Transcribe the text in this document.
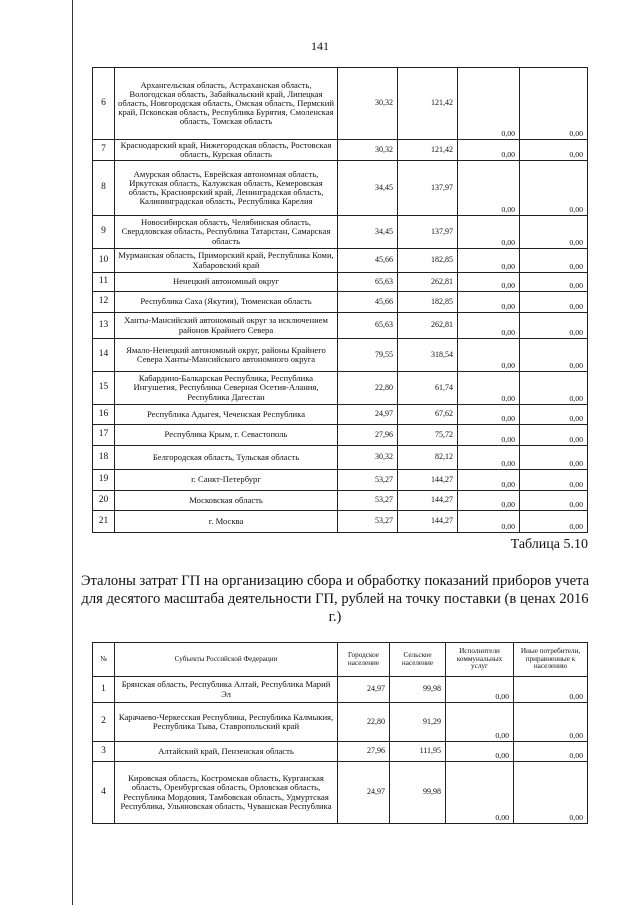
141
6	Архангельская область, Астраханская область, Вологодская область, Забайкальский край, Липецкая область, Новгородская область, Омская область, Пермский край, Псковская область, Республика Бурятия, Смоленская область, Томская область	30,32	121,42	0,00	0,00
7	Краснодарский край, Нижегородская область, Ростовская область, Курская область	30,32	121,42	0,00	0,00
8	Амурская область, Еврейская автономная область, Иркутская область, Калужская область, Кемеровская область, Красноярский край, Ленинградская область, Калининградская область, Республика Карелия	34,45	137,97	0,00	0,00
9	Новосибирская область, Челябинская область, Свердловская область, Республика Татарстан, Самарская область	34,45	137,97	0,00	0,00
10	Мурманская область, Приморский край, Республика Коми, Хабаровский край	45,66	182,85	0,00	0,00
11	Ненецкий автономный округ	65,63	262,81	0,00	0,00
12	Республика Саха (Якутия), Тюменская область	45,66	182,85	0,00	0,00
13	Ханты-Мансийский автономный округ за исключением районов Крайнего Севера	65,63	262,81	0,00	0,00
14	Ямало-Ненецкий автономный округ, районы Крайнего Севера Ханты-Мансийского автономного округа	79,55	318,54	0,00	0,00
15	Кабардино-Балкарская Республика, Республика Ингушетия, Республика Северная Осетия-Алания, Республика Дагестан	22,80	61,74	0,00	0,00
16	Республика Адыгея, Чеченская Республика	24,97	67,62	0,00	0,00
17	Республика Крым, г. Севастополь	27,96	75,72	0,00	0,00
18	Белгородская область, Тульская область	30,32	82,12	0,00	0,00
19	г. Санкт-Петербург	53,27	144,27	0,00	0,00
20	Московская область	53,27	144,27	0,00	0,00
21	г. Москва	53,27	144,27	0,00	0,00
Таблица 5.10
Эталоны затрат ГП на организацию сбора и обработку показаний приборов учета для десятого масштаба деятельности ГП, рублей на точку поставки (в ценах 2016 г.)
№	Субъекты Российской Федерации	Городское население	Сельское население	Исполнители коммунальных услуг	Иные потребители, приравненные к населению
1	Брянская область, Республика Алтай, Республика Марий Эл	24,97	99,98	0,00	0,00
2	Карачаево-Черкесская Республика, Республика Калмыкия, Республика Тыва, Ставропольский край	22,80	91,29	0,00	0,00
3	Алтайский край, Пензенская область	27,96	111,95	0,00	0,00
4	Кировская область, Костромская область, Курганская область, Оренбургская область, Орловская область, Республика Мордовия, Тамбовская область, Удмуртская Республика, Ульяновская область, Чувашская Республика	24,97	99,98	0,00	0,00
